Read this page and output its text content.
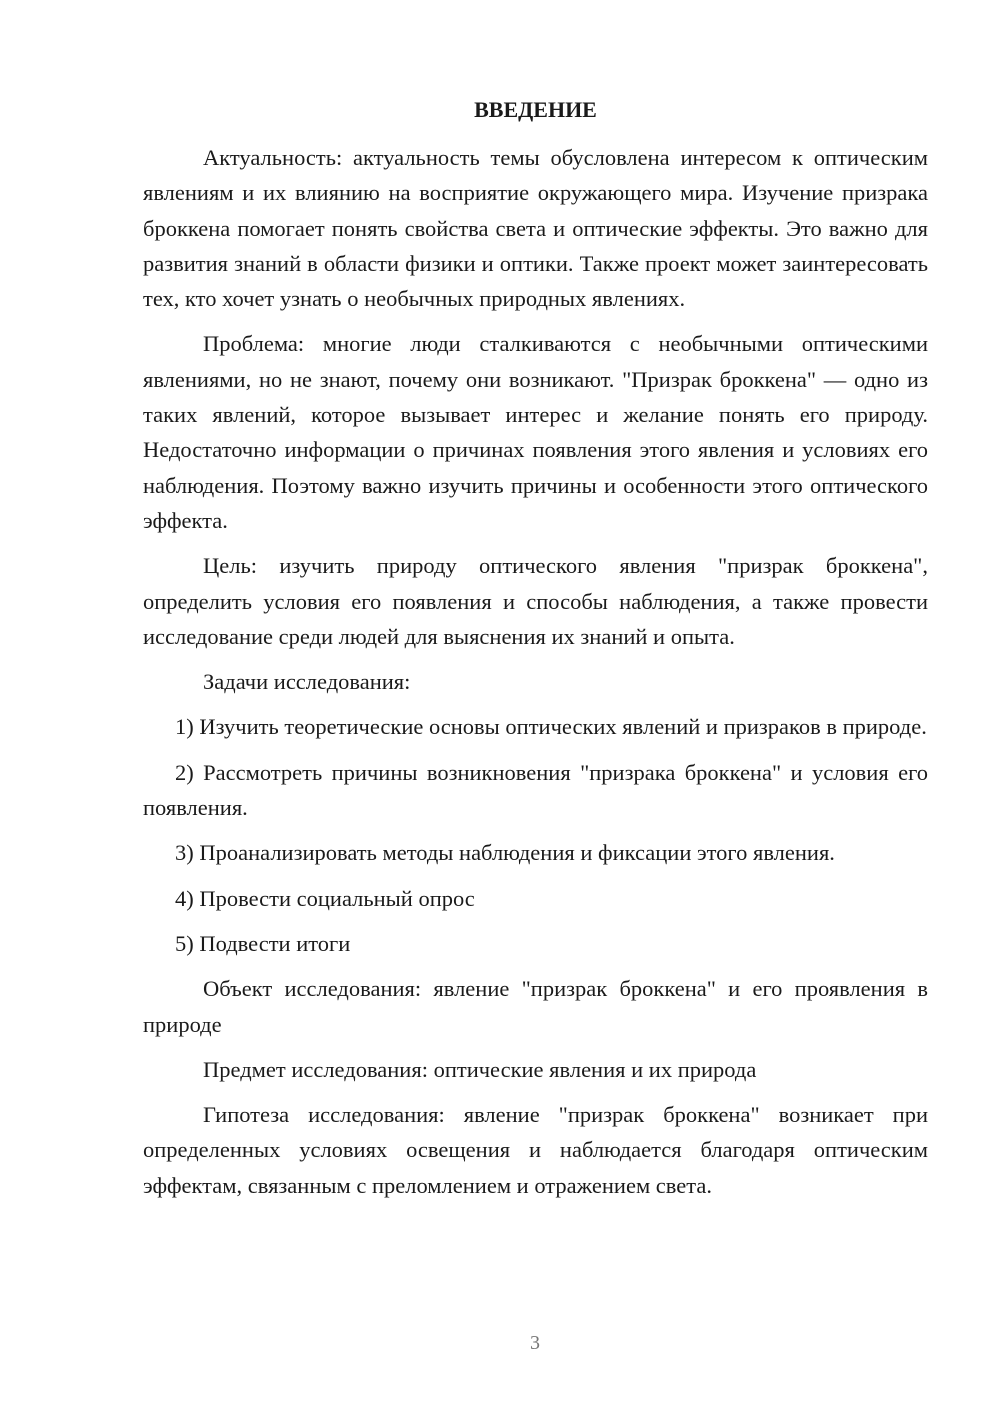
ВВЕДЕНИЕ

Актуальность: актуальность темы обусловлена интересом к оптическим явлениям и их влиянию на восприятие окружающего мира. Изучение призрака броккена помогает понять свойства света и оптические эффекты. Это важно для развития знаний в области физики и оптики. Также проект может заинтересовать тех, кто хочет узнать о необычных природных явлениях.

Проблема: многие люди сталкиваются с необычными оптическими явлениями, но не знают, почему они возникают. "Призрак броккена" — одно из таких явлений, которое вызывает интерес и желание понять его природу. Недостаточно информации о причинах появления этого явления и условиях его наблюдения. Поэтому важно изучить причины и особенности этого оптического эффекта.

Цель: изучить природу оптического явления "призрак броккена", определить условия его появления и способы наблюдения, а также провести исследование среди людей для выяснения их знаний и опыта.

Задачи исследования:

1) Изучить теоретические основы оптических явлений и призраков в природе.

2) Рассмотреть причины возникновения "призрака броккена" и условия его появления.

3) Проанализировать методы наблюдения и фиксации этого явления.

4) Провести социальный опрос

5) Подвести итоги

Объект исследования: явление "призрак броккена" и его проявления в природе

Предмет исследования: оптические явления и их природа

Гипотеза исследования: явление "призрак броккена" возникает при определенных условиях освещения и наблюдается благодаря оптическим эффектам, связанным с преломлением и отражением света.

3
